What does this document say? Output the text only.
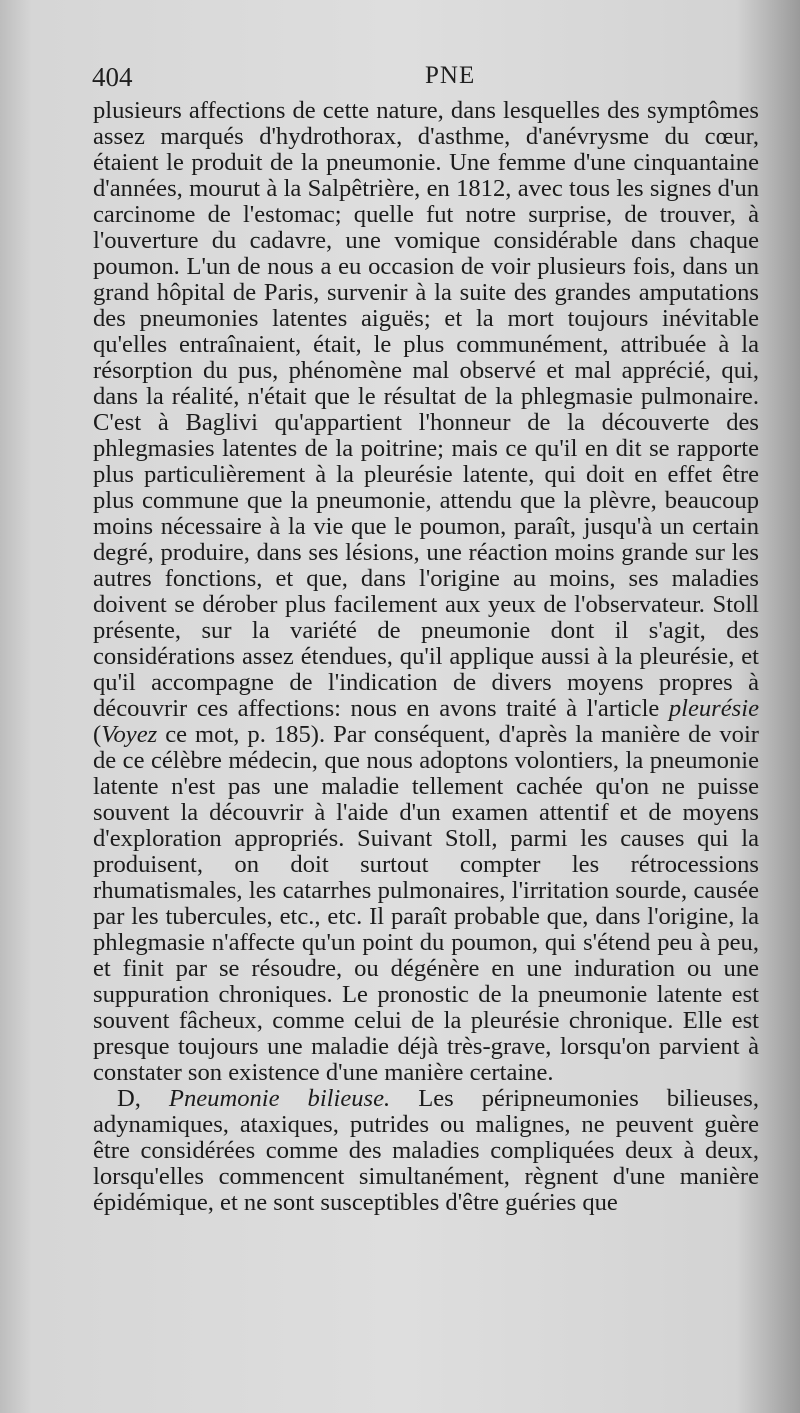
404	PNE

plusieurs affections de cette nature, dans lesquelles des symptômes assez marqués d'hydrothorax, d'asthme, d'anévrysme du cœur, étaient le produit de la pneumonie. Une femme d'une cinquantaine d'années, mourut à la Salpêtrière, en 1812, avec tous les signes d'un carcinome de l'estomac; quelle fut notre surprise, de trouver, à l'ouverture du cadavre, une vomique considérable dans chaque poumon. L'un de nous a eu occasion de voir plusieurs fois, dans un grand hôpital de Paris, survenir à la suite des grandes amputations des pneumonies latentes aiguës; et la mort toujours inévitable qu'elles entraînaient, était, le plus communément, attribuée à la résorption du pus, phénomène mal observé et mal apprécié, qui, dans la réalité, n'était que le résultat de la phlegmasie pulmonaire. C'est à Baglivi qu'appartient l'honneur de la découverte des phlegmasies latentes de la poitrine; mais ce qu'il en dit se rapporte plus particulièrement à la pleurésie latente, qui doit en effet être plus commune que la pneumonie, attendu que la plèvre, beaucoup moins nécessaire à la vie que le poumon, paraît, jusqu'à un certain degré, produire, dans ses lésions, une réaction moins grande sur les autres fonctions, et que, dans l'origine au moins, ses maladies doivent se dérober plus facilement aux yeux de l'observateur. Stoll présente, sur la variété de pneumonie dont il s'agit, des considérations assez étendues, qu'il applique aussi à la pleurésie, et qu'il accompagne de l'indication de divers moyens propres à découvrir ces affections: nous en avons traité à l'article pleurésie (Voyez ce mot, p. 185). Par conséquent, d'après la manière de voir de ce célèbre médecin, que nous adoptons volontiers, la pneumonie latente n'est pas une maladie tellement cachée qu'on ne puisse souvent la découvrir à l'aide d'un examen attentif et de moyens d'exploration appropriés. Suivant Stoll, parmi les causes qui la produisent, on doit surtout compter les rétrocessions rhumatismales, les catarrhes pulmonaires, l'irritation sourde, causée par les tubercules, etc., etc. Il paraît probable que, dans l'origine, la phlegmasie n'affecte qu'un point du poumon, qui s'étend peu à peu, et finit par se résoudre, ou dégénère en une induration ou une suppuration chroniques. Le pronostic de la pneumonie latente est souvent fâcheux, comme celui de la pleurésie chronique. Elle est presque toujours une maladie déjà très-grave, lorsqu'on parvient à constater son existence d'une manière certaine.

D, Pneumonie bilieuse. Les péripneumonies bilieuses, adynamiques, ataxiques, putrides ou malignes, ne peuvent guère être considérées comme des maladies compliquées deux à deux, lorsqu'elles commencent simultanément, règnent d'une manière épidémique, et ne sont susceptibles d'être guéries que
